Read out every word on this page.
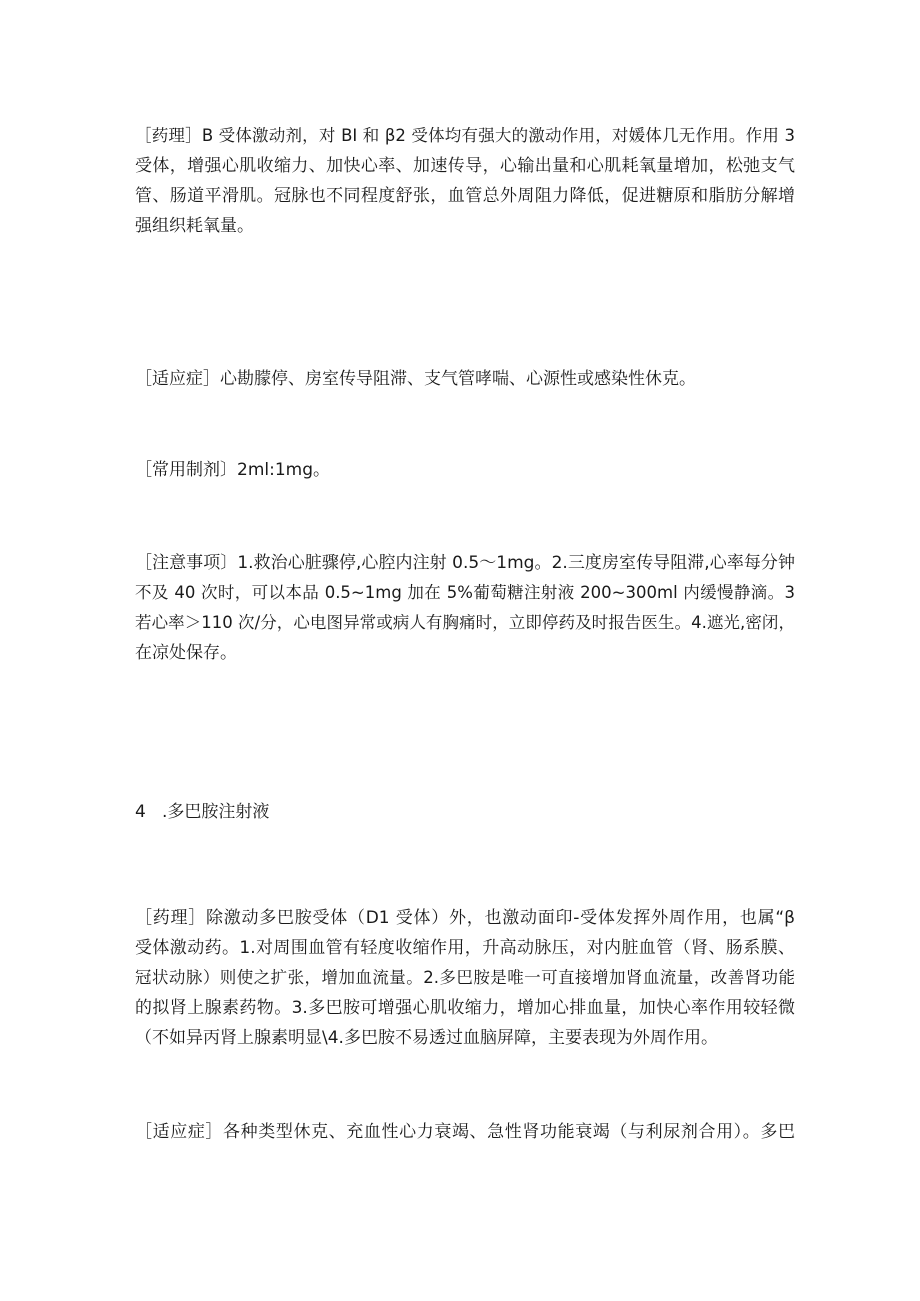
［药理］B 受体激动剂，对 BI 和 β2 受体均有强大的激动作用，对媛体几无作用。作用 3
受体，增强心肌收缩力、加快心率、加速传导，心输出量和心肌耗氧量增加，松弛支气
管、肠道平滑肌。冠脉也不同程度舒张，血管总外周阻力降低，促进糖原和脂肪分解增
强组织耗氧量。

［适应症］心勘朦停、房室传导阻滞、支气管哮喘、心源性或感染性休克。

［常用制剂〕2ml:1mg。

［注意事项〕1.救治心脏骤停,心腔内注射 0.5～1mg。2.三度房室传导阻滞,心率每分钟
不及 40 次时，可以本品 0.5~1mg 加在 5%葡萄糖注射液 200~300ml 内缓慢静滴。3
若心率＞110 次/分，心电图异常或病人有胸痛时，立即停药及时报告医生。4.遮光,密闭，
在凉处保存。

4   .多巴胺注射液

［药理］除激动多巴胺受体（D1 受体）外，也激动面印-受体发挥外周作用，也属“β
受体激动药。1.对周围血管有轻度收缩作用，升高动脉压，对内脏血管（肾、肠系膜、
冠状动脉）则使之扩张，增加血流量。2.多巴胺是唯一可直接增加肾血流量，改善肾功能
的拟肾上腺素药物。3.多巴胺可增强心肌收缩力，增加心排血量，加快心率作用较轻微
（不如异丙肾上腺素明显\4.多巴胺不易透过血脑屏障，主要表现为外周作用。

［适应症］各种类型休克、充血性心力衰竭、急性肾功能衰竭（与利尿剂合用）。多巴
